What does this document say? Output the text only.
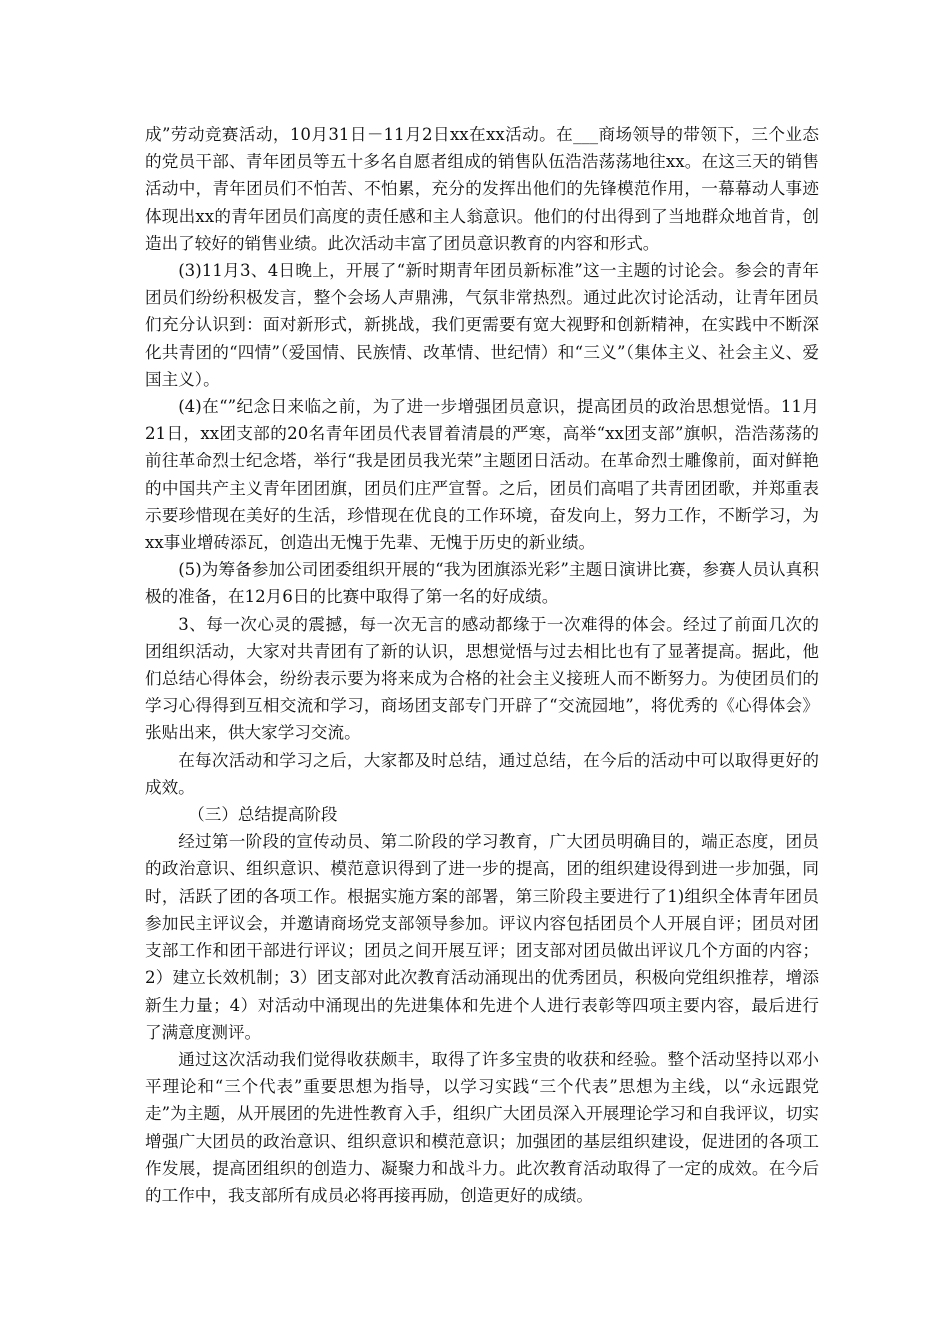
成”劳动竞赛活动，10月31日－11月2日xx在xx活动。在___商场领导的带领下，三个业态的党员干部、青年团员等五十多名自愿者组成的销售队伍浩浩荡荡地往xx。在这三天的销售活动中，青年团员们不怕苦、不怕累，充分的发挥出他们的先锋模范作用，一幕幕动人事迹体现出xx的青年团员们高度的责任感和主人翁意识。他们的付出得到了当地群众地首肯，创造出了较好的销售业绩。此次活动丰富了团员意识教育的内容和形式。

(3)11月3、4日晚上，开展了“新时期青年团员新标准”这一主题的讨论会。参会的青年团员们纷纷积极发言，整个会场人声鼎沸，气氛非常热烈。通过此次讨论活动，让青年团员们充分认识到：面对新形式，新挑战，我们更需要有宽大视野和创新精神，在实践中不断深化共青团的“四情”（爱国情、民族情、改革情、世纪情）和“三义”（集体主义、社会主义、爱国主义）。

(4)在“”纪念日来临之前，为了进一步增强团员意识，提高团员的政治思想觉悟。11月21日，xx团支部的20名青年团员代表冒着清晨的严寒，高举“xx团支部”旗帜，浩浩荡荡的前往革命烈士纪念塔，举行“我是团员我光荣”主题团日活动。在革命烈士雕像前，面对鲜艳的中国共产主义青年团团旗，团员们庄严宣誓。之后，团员们高唱了共青团团歌，并郑重表示要珍惜现在美好的生活，珍惜现在优良的工作环境，奋发向上，努力工作，不断学习，为xx事业增砖添瓦，创造出无愧于先辈、无愧于历史的新业绩。

(5)为筹备参加公司团委组织开展的“我为团旗添光彩”主题日演讲比赛，参赛人员认真积极的准备，在12月6日的比赛中取得了第一名的好成绩。

3、每一次心灵的震撼，每一次无言的感动都缘于一次难得的体会。经过了前面几次的团组织活动，大家对共青团有了新的认识，思想觉悟与过去相比也有了显著提高。据此，他们总结心得体会，纷纷表示要为将来成为合格的社会主义接班人而不断努力。为使团员们的学习心得得到互相交流和学习，商场团支部专门开辟了“交流园地”，将优秀的《心得体会》张贴出来，供大家学习交流。

在每次活动和学习之后，大家都及时总结，通过总结，在今后的活动中可以取得更好的成效。

（三）总结提高阶段

经过第一阶段的宣传动员、第二阶段的学习教育，广大团员明确目的，端正态度，团员的政治意识、组织意识、模范意识得到了进一步的提高，团的组织建设得到进一步加强，同时，活跃了团的各项工作。根据实施方案的部署，第三阶段主要进行了1)组织全体青年团员参加民主评议会，并邀请商场党支部领导参加。评议内容包括团员个人开展自评；团员对团支部工作和团干部进行评议；团员之间开展互评；团支部对团员做出评议几个方面的内容；2）建立长效机制；3）团支部对此次教育活动涌现出的优秀团员，积极向党组织推荐，增添新生力量；4）对活动中涌现出的先进集体和先进个人进行表彰等四项主要内容，最后进行了满意度测评。

通过这次活动我们觉得收获颇丰，取得了许多宝贵的收获和经验。整个活动坚持以邓小平理论和“三个代表”重要思想为指导，以学习实践“三个代表”思想为主线，以“永远跟党走”为主题，从开展团的先进性教育入手，组织广大团员深入开展理论学习和自我评议，切实增强广大团员的政治意识、组织意识和模范意识；加强团的基层组织建设，促进团的各项工作发展，提高团组织的创造力、凝聚力和战斗力。此次教育活动取得了一定的成效。在今后的工作中，我支部所有成员必将再接再励，创造更好的成绩。
